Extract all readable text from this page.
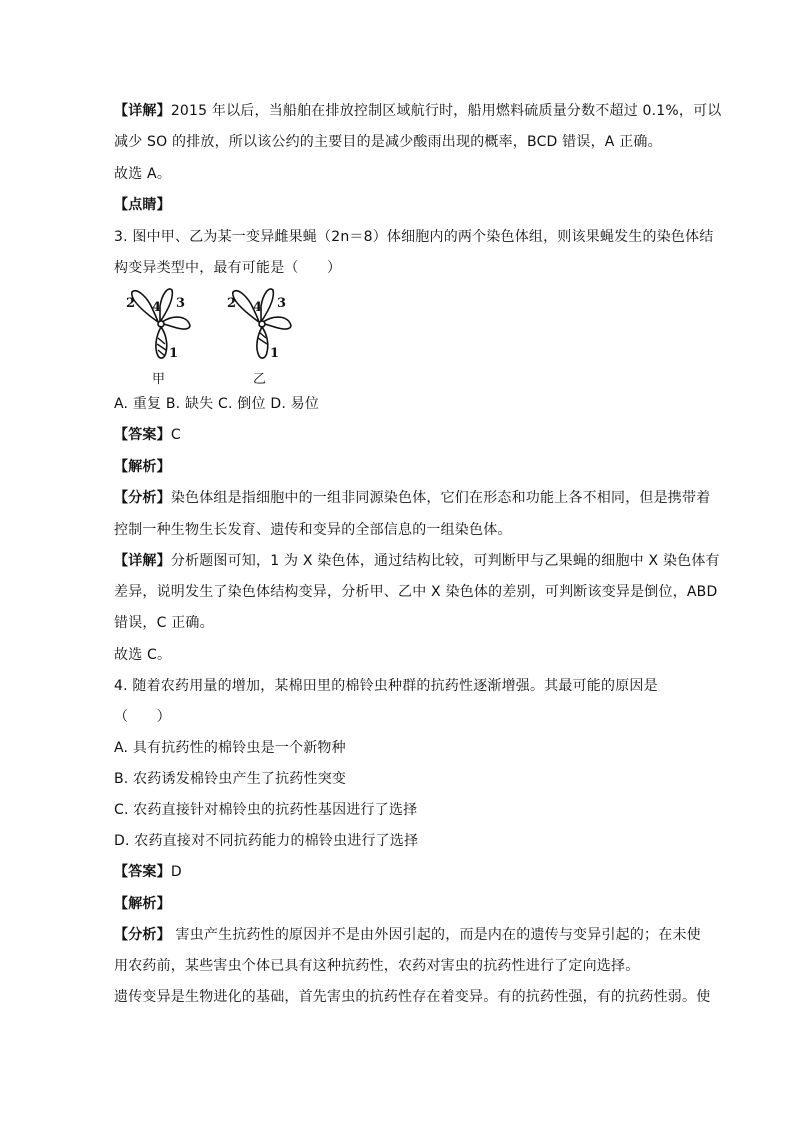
【详解】2015 年以后，当船舶在排放控制区域航行时，船用燃料硫质量分数不超过 0.1%，可以
减少 SO 的排放，所以该公约的主要目的是减少酸雨出现的概率，BCD 错误，A 正确。
故选 A。
【点睛】
3. 图中甲、乙为某一变异雌果蝇（2n＝8）体细胞内的两个染色体组，则该果蝇发生的染色体结
构变异类型中，最有可能是（　　）
2 4 3
1
甲
2 4 3
1
乙
A. 重复 B. 缺失 C. 倒位 D. 易位
【答案】C
【解析】
【分析】染色体组是指细胞中的一组非同源染色体，它们在形态和功能上各不相同，但是携带着
控制一种生物生长发育、遗传和变异的全部信息的一组染色体。
【详解】分析题图可知，1 为 X 染色体，通过结构比较，可判断甲与乙果蝇的细胞中 X 染色体有
差异，说明发生了染色体结构变异，分析甲、乙中 X 染色体的差别，可判断该变异是倒位，ABD
错误，C 正确。
故选 C。
4. 随着农药用量的增加，某棉田里的棉铃虫种群的抗药性逐渐增强。其最可能的原因是
（　　）
A. 具有抗药性的棉铃虫是一个新物种
B. 农药诱发棉铃虫产生了抗药性突变
C. 农药直接针对棉铃虫的抗药性基因进行了选择
D. 农药直接对不同抗药能力的棉铃虫进行了选择
【答案】D
【解析】
【分析】 害虫产生抗药性的原因并不是由外因引起的，而是内在的遗传与变异引起的；在未使
用农药前，某些害虫个体已具有这种抗药性，农药对害虫的抗药性进行了定向选择。
遗传变异是生物进化的基础，首先害虫的抗药性存在着变异。有的抗药性强，有的抗药性弱。使
